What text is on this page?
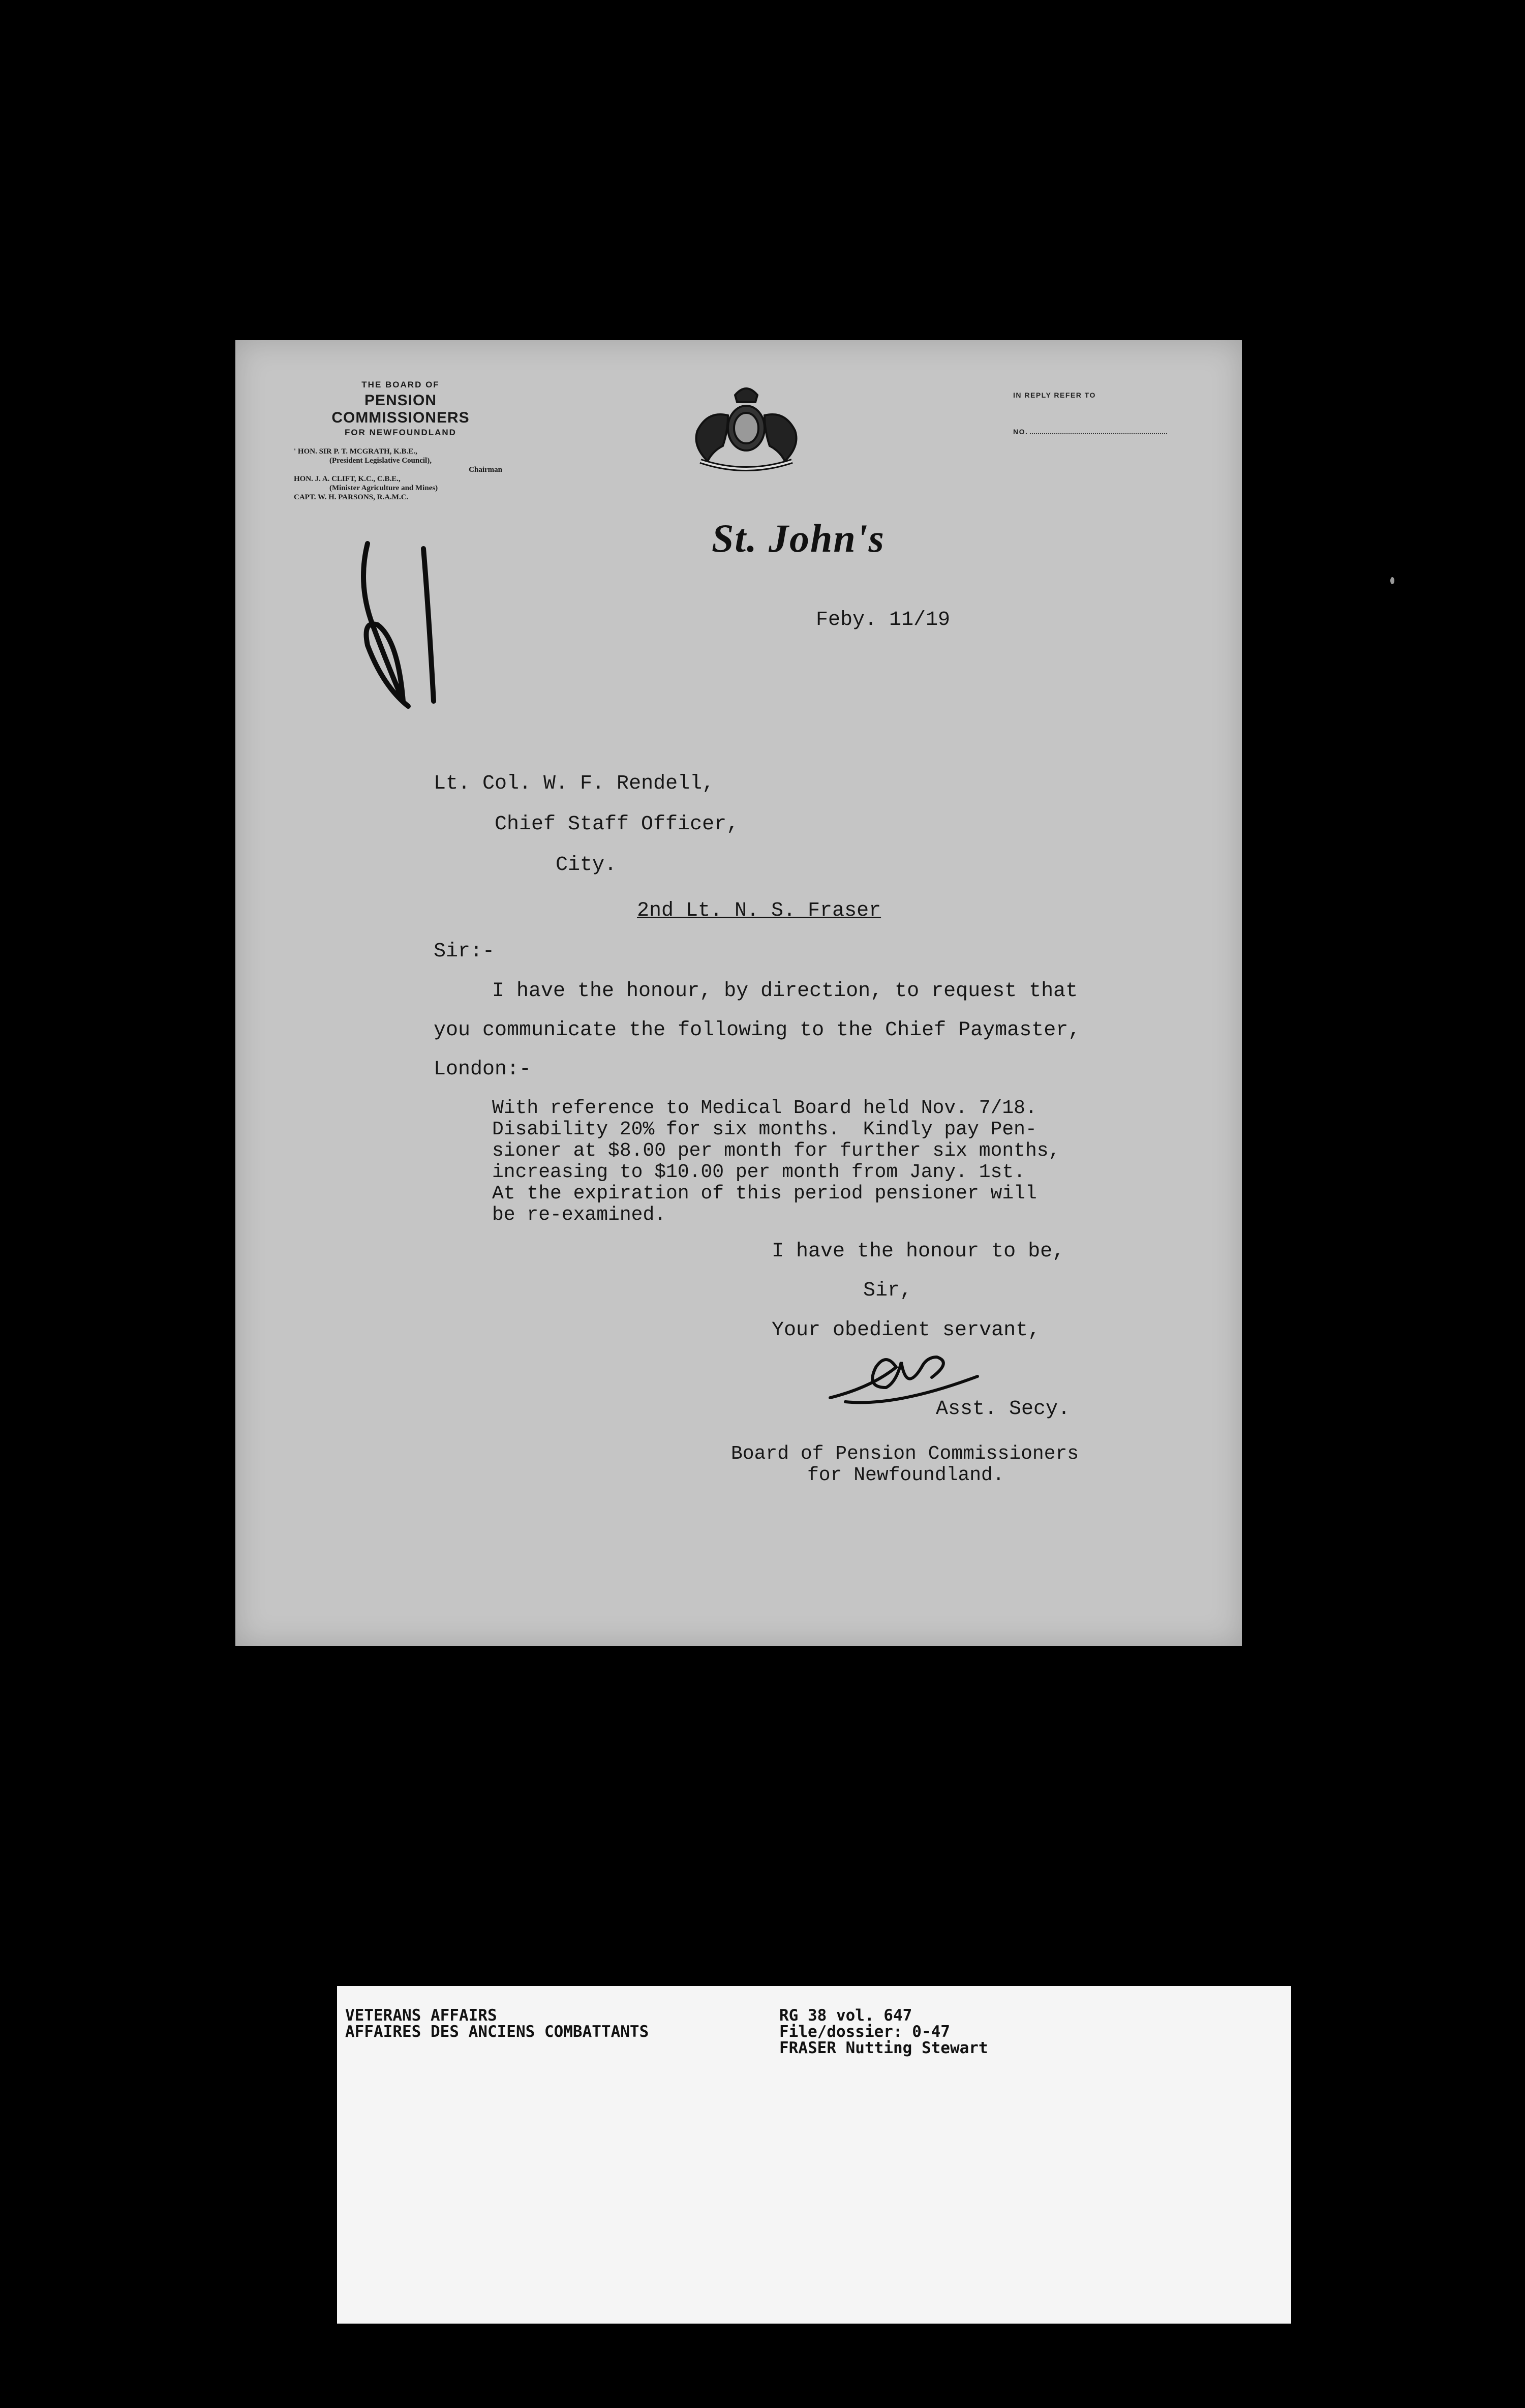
THE BOARD OF
PENSION COMMISSIONERS
FOR NEWFOUNDLAND
' HON. SIR P. T. MCGRATH, K.B.E.,
(President Legislative Council),
Chairman
HON. J. A. CLIFT, K.C., C.B.E.,
(Minister Agriculture and Mines)
CAPT. W. H. PARSONS, R.A.M.C.
IN REPLY REFER TO
NO.
St. John's
Feby. 11/19
Lt. Col. W. F. Rendell,
Chief Staff Officer,
City.
2nd Lt. N. S. Fraser
Sir:-
I have the honour, by direction, to request that
you communicate the following to the Chief Paymaster,
London:-
With reference to Medical Board held Nov. 7/18.
Disability 20% for six months.  Kindly pay Pen-
sioner at $8.00 per month for further six months,
increasing to $10.00 per month from Jany. 1st.
At the expiration of this period pensioner will
be re-examined.
I have the honour to be,
Sir,
Your obedient servant,
Asst. Secy.
Board of Pension Commissioners
for Newfoundland.
VETERANS AFFAIRS
AFFAIRES DES ANCIENS COMBATTANTS
RG 38 vol. 647
File/dossier: 0-47
FRASER Nutting Stewart
